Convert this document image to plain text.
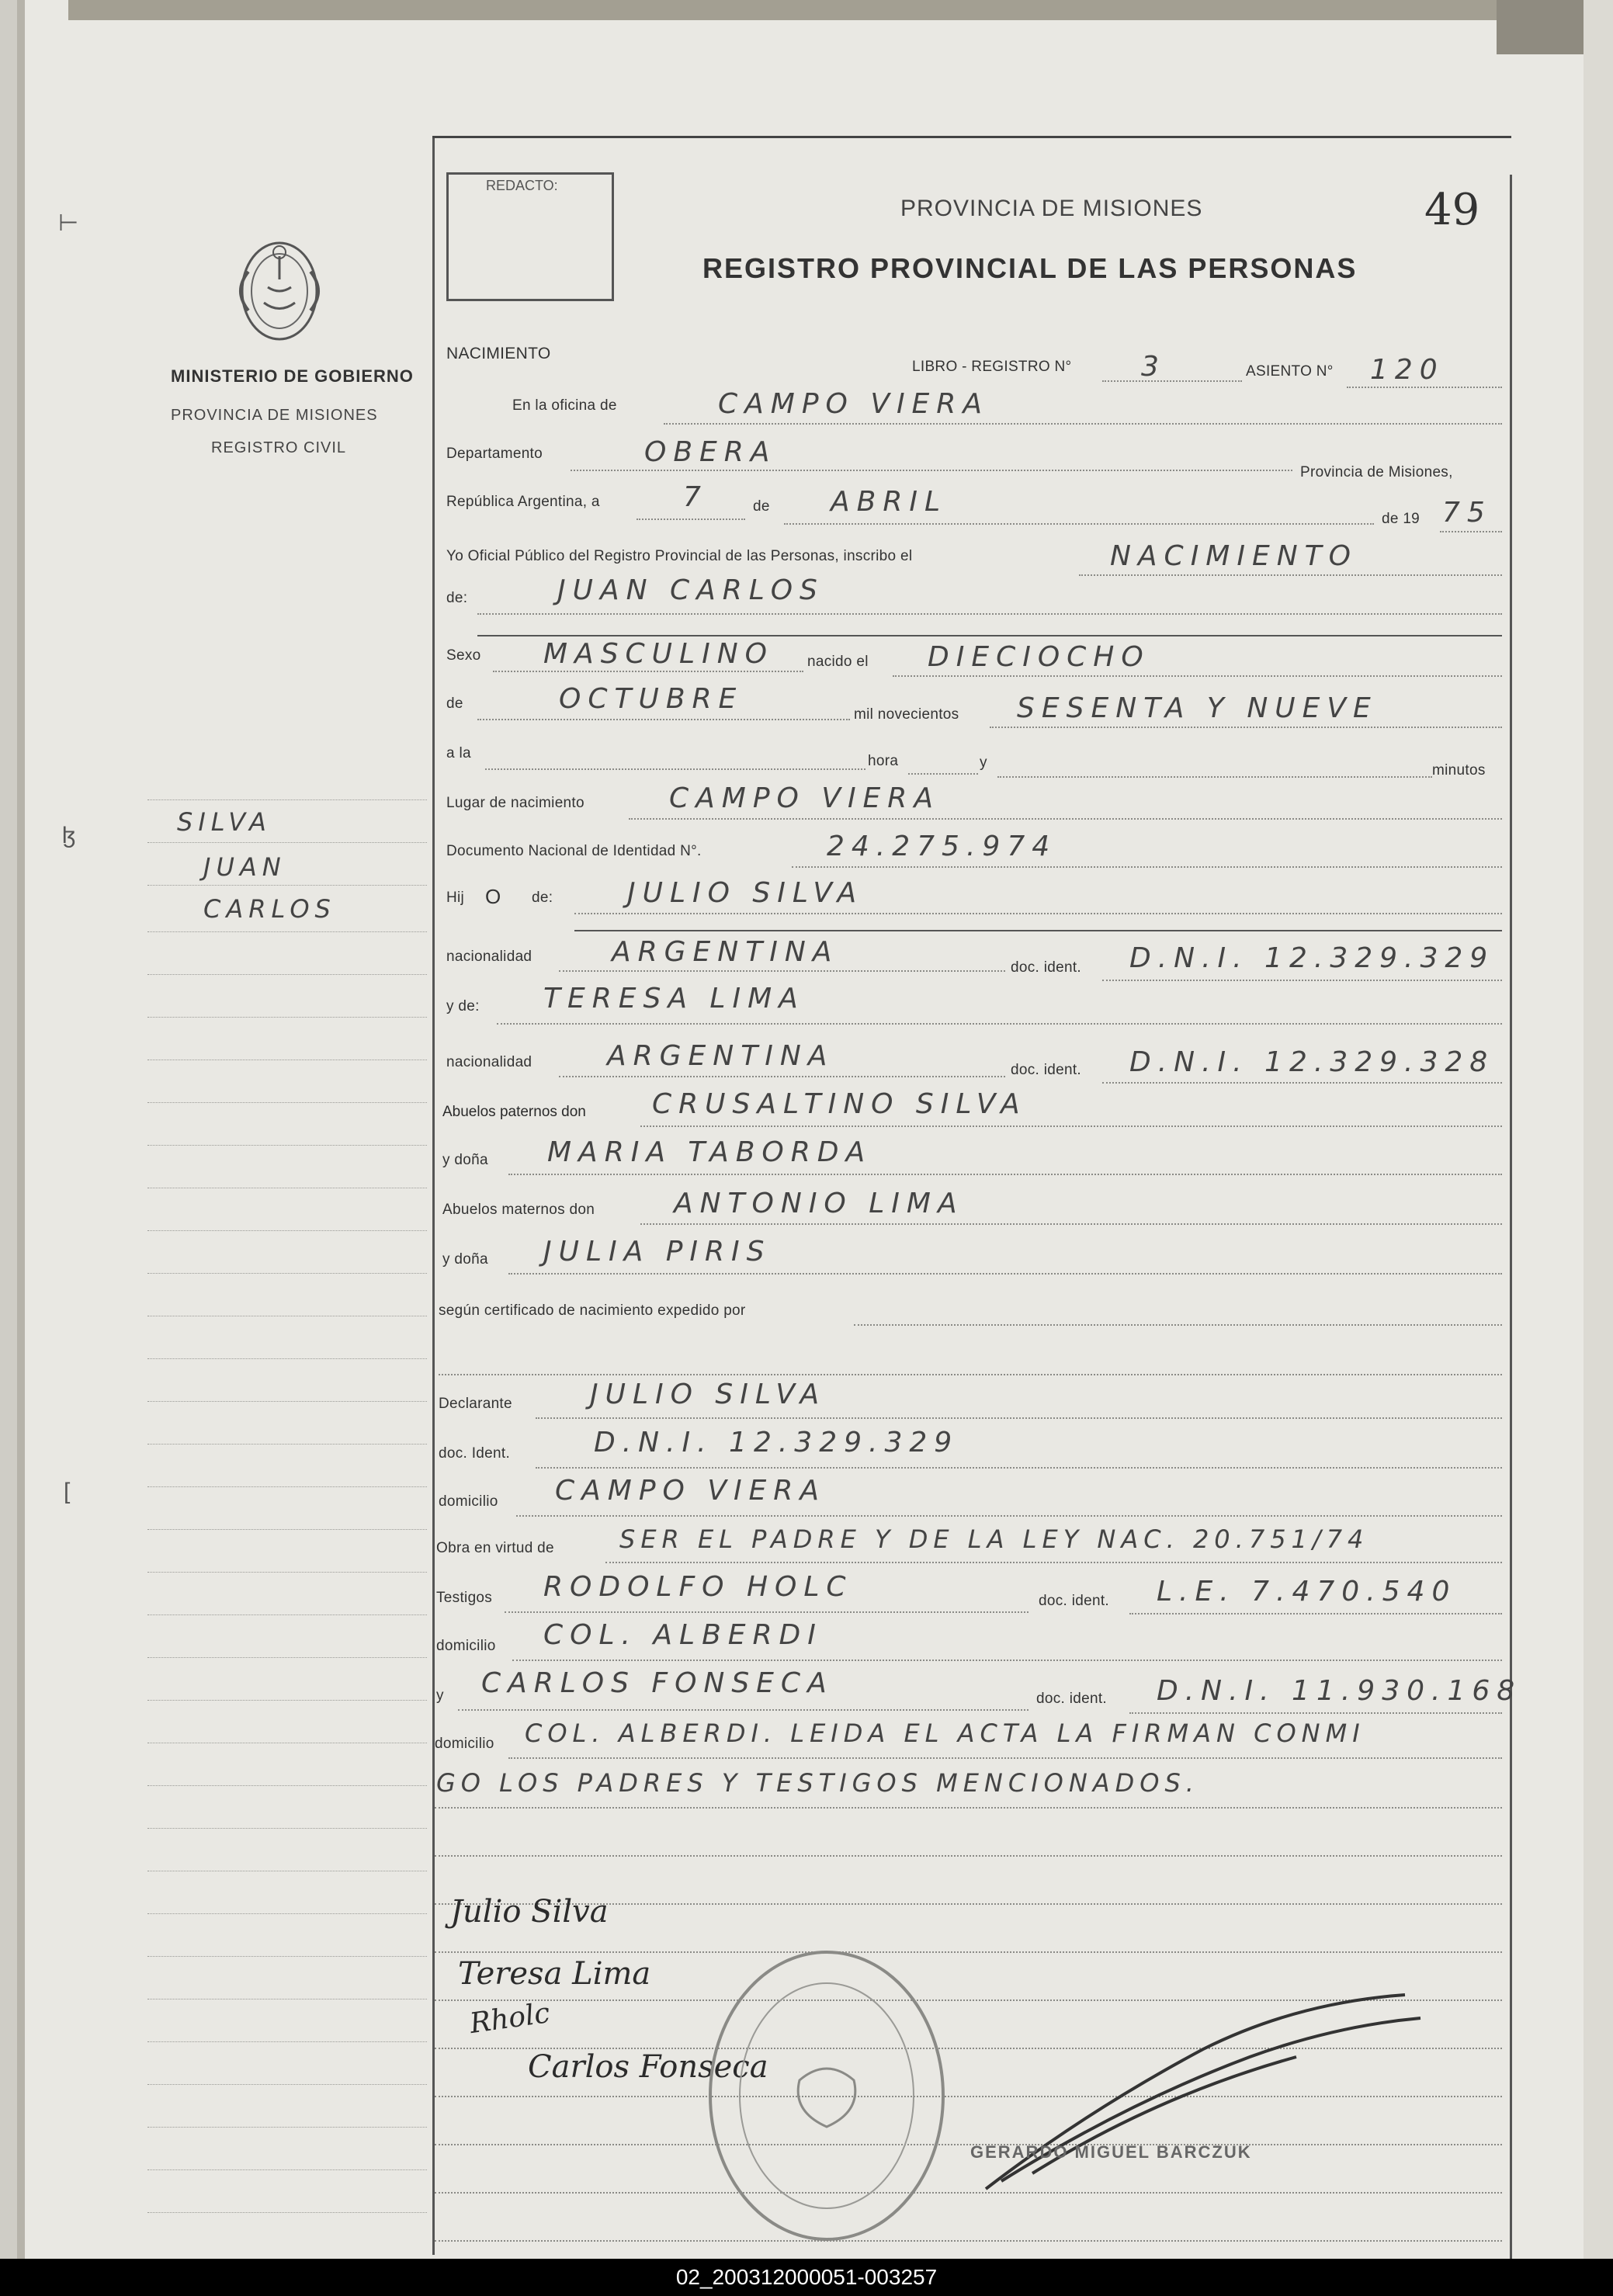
REDACTO:
PROVINCIA DE MISIONES
REGISTRO PROVINCIAL DE LAS PERSONAS
49
MINISTERIO DE GOBIERNO
PROVINCIA DE MISIONES
REGISTRO CIVIL
⊢
ɮ
[
SILVA
JUAN
CARLOS
NACIMIENTO
LIBRO - REGISTRO N° 3	ASIENTO N° 120
En la oficina de	CAMPO VIERA
Departamento	OBERA
Provincia de Misiones,
República Argentina, a	7	de ABRIL
de 19 75
Yo Oficial Público del Registro Provincial de las Personas, inscribo el	NACIMIENTO
de:	JUAN CARLOS
Sexo MASCULINO nacido el DIECIOCHO
de	OCTUBRE	mil novecientos SESENTA Y NUEVE
a la	hora	y	minutos
Lugar de nacimiento	CAMPO VIERA
Documento Nacional de Identidad N°.	24.275.974
Hij O de:	JULIO SILVA
nacionalidad	ARGENTINA	doc. ident. D.N.I. 12.329.329
y de: TERESA LIMA
nacionalidad	ARGENTINA	doc. ident. D.N.I. 12.329.328
Abuelos paternos don CRUSALTINO SILVA
y doña MARIA TABORDA
Abuelos maternos don	ANTONIO LIMA
y doña JULIA PIRIS
según certificado de nacimiento expedido por
Declarante	JULIO SILVA
doc. Ident.	D.N.I. 12.329.329
domicilio CAMPO VIERA
Obra en virtud de	SER EL PADRE Y DE LA LEY NAC. 20.751/74
Testigos RODOLFO HOLC	doc. ident. L.E. 7.470.540
domicilio COL. ALBERDI
y CARLOS FONSECA	doc. ident. D.N.I. 11.930.168
domicilio COL. ALBERDI. LEIDA EL ACTA LA FIRMAN CONMI
GO LOS PADRES Y TESTIGOS MENCIONADOS.
Julio Silva
Teresa Lima
Carlos Fonseca
Rholc
GERARDO MIGUEL BARCZUK
02_200312000051-003257
